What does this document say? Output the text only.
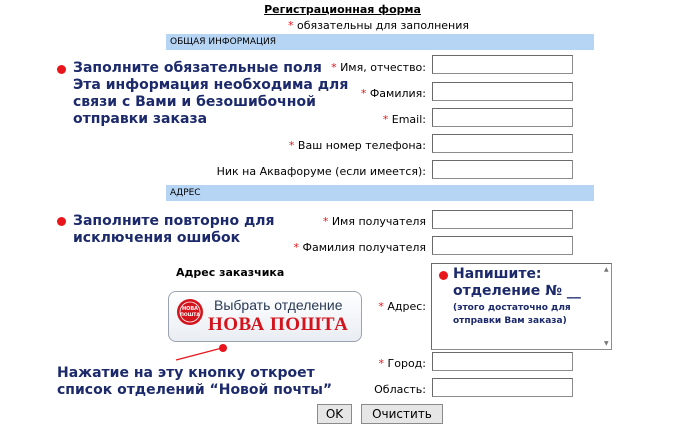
Регистрационная форма
* обязательны для заполнения
ОБЩАЯ ИНФОРМАЦИЯ
Заполните обязательные поля
Эта информация необходима для
связи с Вами и безошибочной
отправки заказа
* Имя, отчество:
* Фамилия:
* Email:
* Ваш номер телефона:
Ник на Аквафоруме (если имеется):
АДРЕС
Заполните повторно для
исключения ошибок
* Имя получателя
* Фамилия получателя
Адрес заказчика
НОВА
ПОШТА
Выбрать отделение
НОВА ПОШТА
Нажатие на эту кнопку откроет
список отделений “Новой почты”
* Адрес:
Напишите:
отделение № __
(этого достаточно для
отправки Вам заказа)
▲
▼
* Город:
Область:
OK	Очистить
